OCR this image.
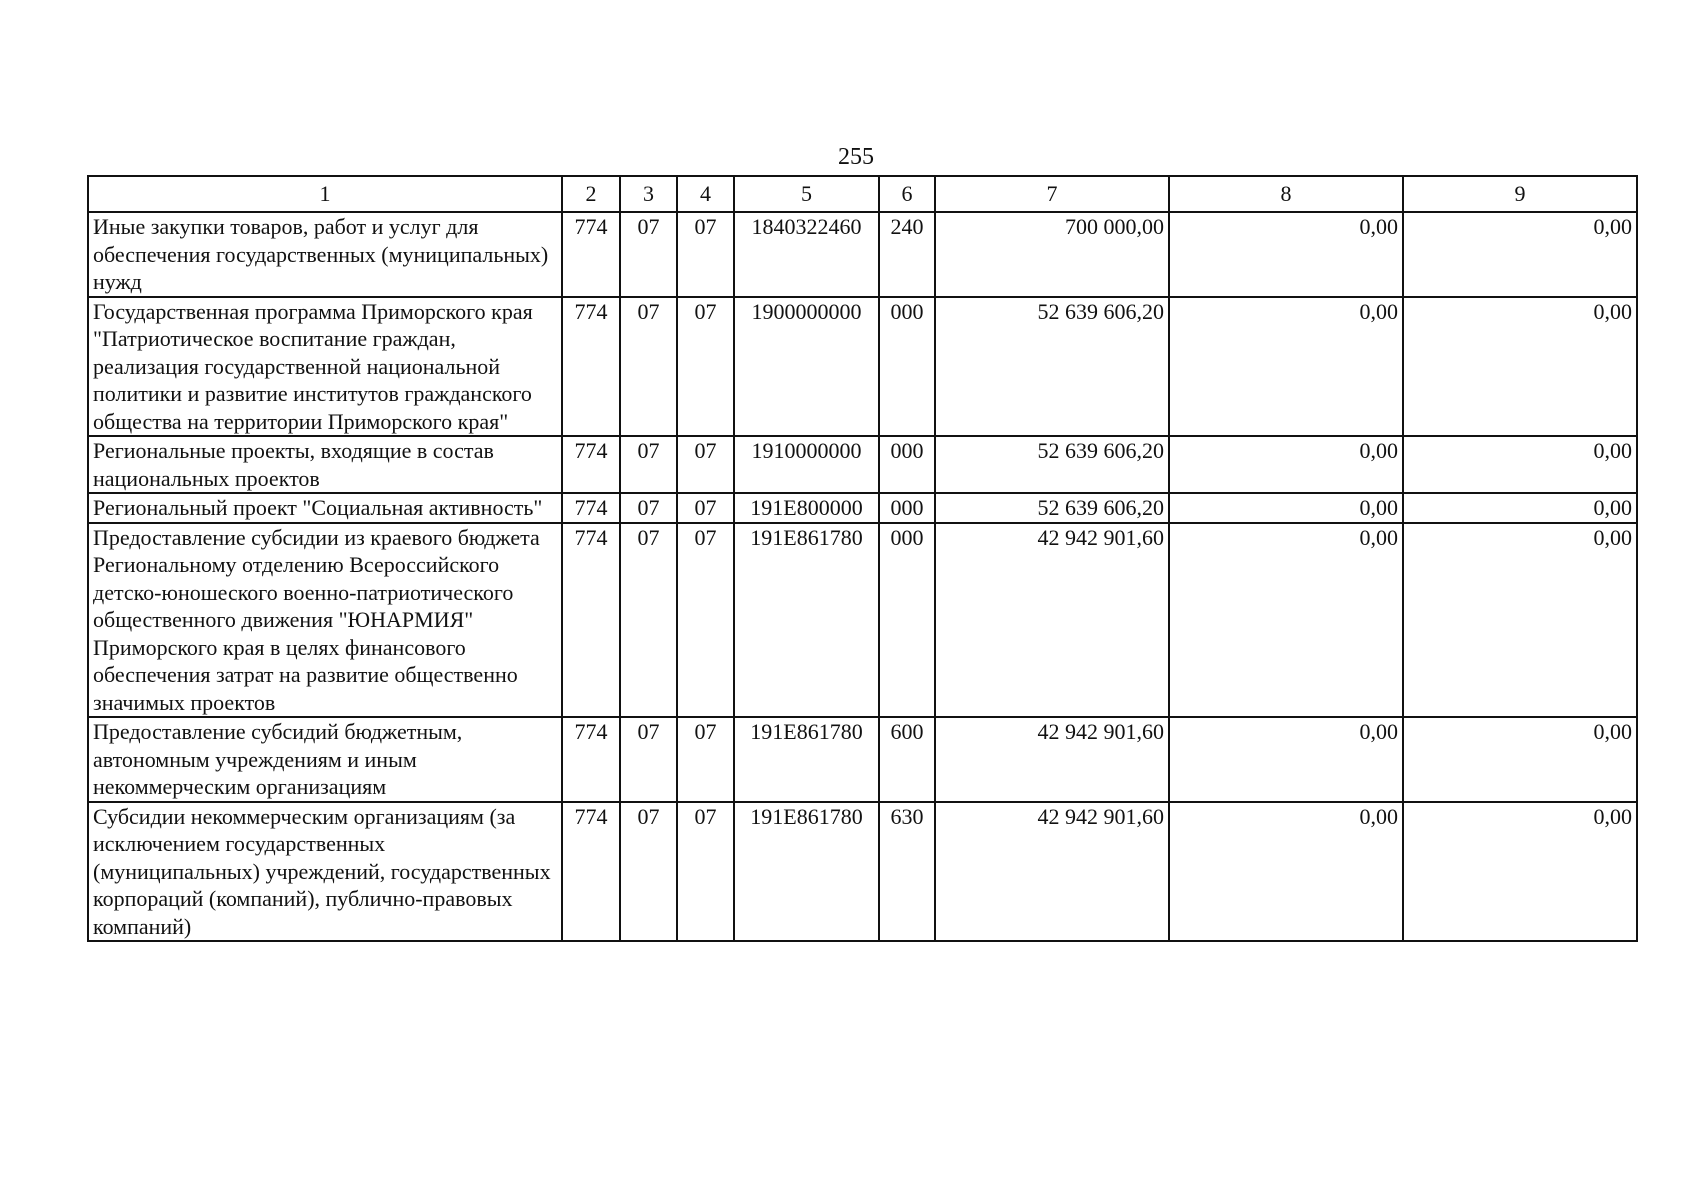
255
1	2	3	4	5	6	7	8	9
Иные закупки товаров, работ и услуг для обеспечения государственных (муниципальных) нужд	774	07	07	1840322460	240	700 000,00	0,00	0,00
Государственная программа Приморского края "Патриотическое воспитание граждан, реализация государственной национальной политики и развитие институтов гражданского общества на территории Приморского края"	774	07	07	1900000000	000	52 639 606,20	0,00	0,00
Региональные проекты, входящие в состав национальных проектов	774	07	07	1910000000	000	52 639 606,20	0,00	0,00
Региональный проект "Социальная активность"	774	07	07	191E800000	000	52 639 606,20	0,00	0,00
Предоставление субсидии из краевого бюджета Региональному отделению Всероссийского детско-юношеского военно-патриотического общественного движения "ЮНАРМИЯ" Приморского края в целях финансового обеспечения затрат на развитие общественно значимых проектов	774	07	07	191E861780	000	42 942 901,60	0,00	0,00
Предоставление субсидий бюджетным, автономным учреждениям и иным некоммерческим организациям	774	07	07	191E861780	600	42 942 901,60	0,00	0,00
Субсидии некоммерческим организациям (за исключением государственных (муниципальных) учреждений, государственных корпораций (компаний), публично-правовых компаний)	774	07	07	191E861780	630	42 942 901,60	0,00	0,00
